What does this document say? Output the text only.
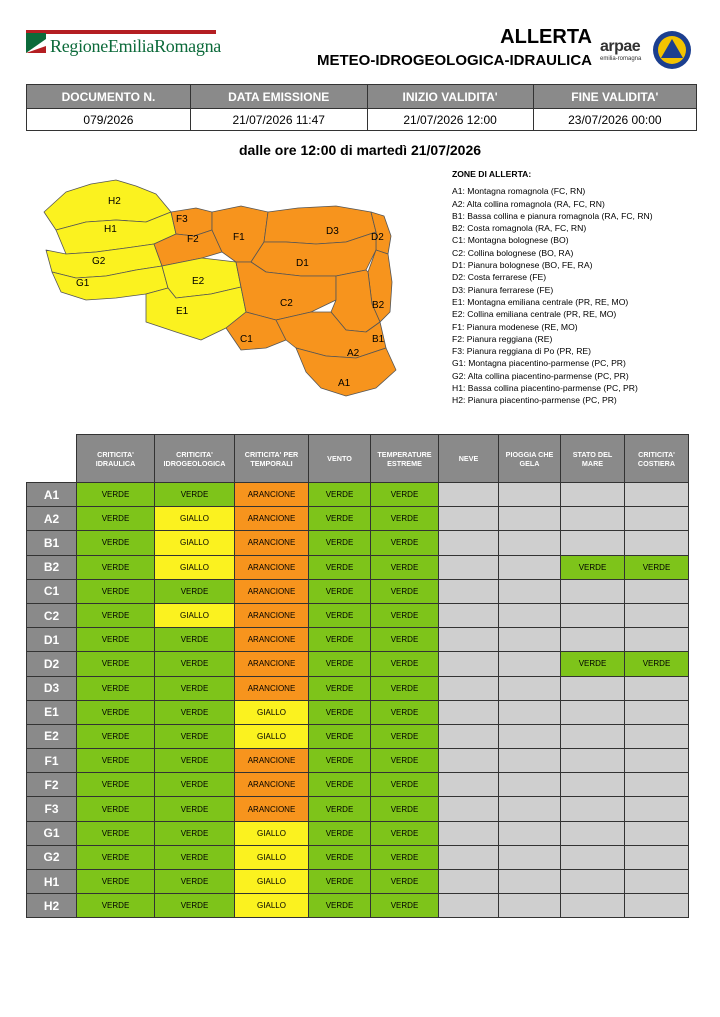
RegioneEmiliaRomagna	ALLERTA
METEO-IDROGEOLOGICA-IDRAULICA
arpae
emilia-romagna
DOCUMENTO N.	DATA EMISSIONE	INIZIO VALIDITA'	FINE VALIDITA'
079/2026	21/07/2026 11:47	21/07/2026 12:00	23/07/2026 00:00
dalle ore 12:00 di martedì 21/07/2026
H2
H1
G2
G1
F3
F2	F1
E2
E1
D3
D2
D1
C2
C1
B2
B1
A2
A1
ZONE DI ALLERTA:
A1: Montagna romagnola (FC, RN)
A2: Alta collina romagnola (RA, FC, RN)
B1: Bassa collina e pianura romagnola (RA, FC, RN)
B2: Costa romagnola (RA, FC, RN)
C1: Montagna bolognese (BO)
C2: Collina bolognese (BO, RA)
D1: Pianura bolognese (BO, FE, RA)
D2: Costa ferrarese (FE)
D3: Pianura ferrarese (FE)
E1: Montagna emiliana centrale (PR, RE, MO)
E2: Collina emiliana centrale (PR, RE, MO)
F1: Pianura modenese (RE, MO)
F2: Pianura reggiana (RE)
F3: Pianura reggiana di Po (PR, RE)
G1: Montagna piacentino-parmense (PC, PR)
G2: Alta collina piacentino-parmense (PC, PR)
H1: Bassa collina piacentino-parmense (PC, PR)
H2: Pianura piacentino-parmense (PC, PR)
	CRITICITA' IDRAULICA	CRITICITA' IDROGEOLOGICA	CRITICITA' PER TEMPORALI	VENTO	TEMPERATURE ESTREME	NEVE	PIOGGIA CHE GELA	STATO DEL MARE	CRITICITA' COSTIERA
A1	VERDE	VERDE	ARANCIONE	VERDE	VERDE				
A2	VERDE	GIALLO	ARANCIONE	VERDE	VERDE				
B1	VERDE	GIALLO	ARANCIONE	VERDE	VERDE				
B2	VERDE	GIALLO	ARANCIONE	VERDE	VERDE			VERDE	VERDE
C1	VERDE	VERDE	ARANCIONE	VERDE	VERDE				
C2	VERDE	GIALLO	ARANCIONE	VERDE	VERDE				
D1	VERDE	VERDE	ARANCIONE	VERDE	VERDE				
D2	VERDE	VERDE	ARANCIONE	VERDE	VERDE			VERDE	VERDE
D3	VERDE	VERDE	ARANCIONE	VERDE	VERDE				
E1	VERDE	VERDE	GIALLO	VERDE	VERDE				
E2	VERDE	VERDE	GIALLO	VERDE	VERDE				
F1	VERDE	VERDE	ARANCIONE	VERDE	VERDE				
F2	VERDE	VERDE	ARANCIONE	VERDE	VERDE				
F3	VERDE	VERDE	ARANCIONE	VERDE	VERDE				
G1	VERDE	VERDE	GIALLO	VERDE	VERDE				
G2	VERDE	VERDE	GIALLO	VERDE	VERDE				
H1	VERDE	VERDE	GIALLO	VERDE	VERDE				
H2	VERDE	VERDE	GIALLO	VERDE	VERDE				
